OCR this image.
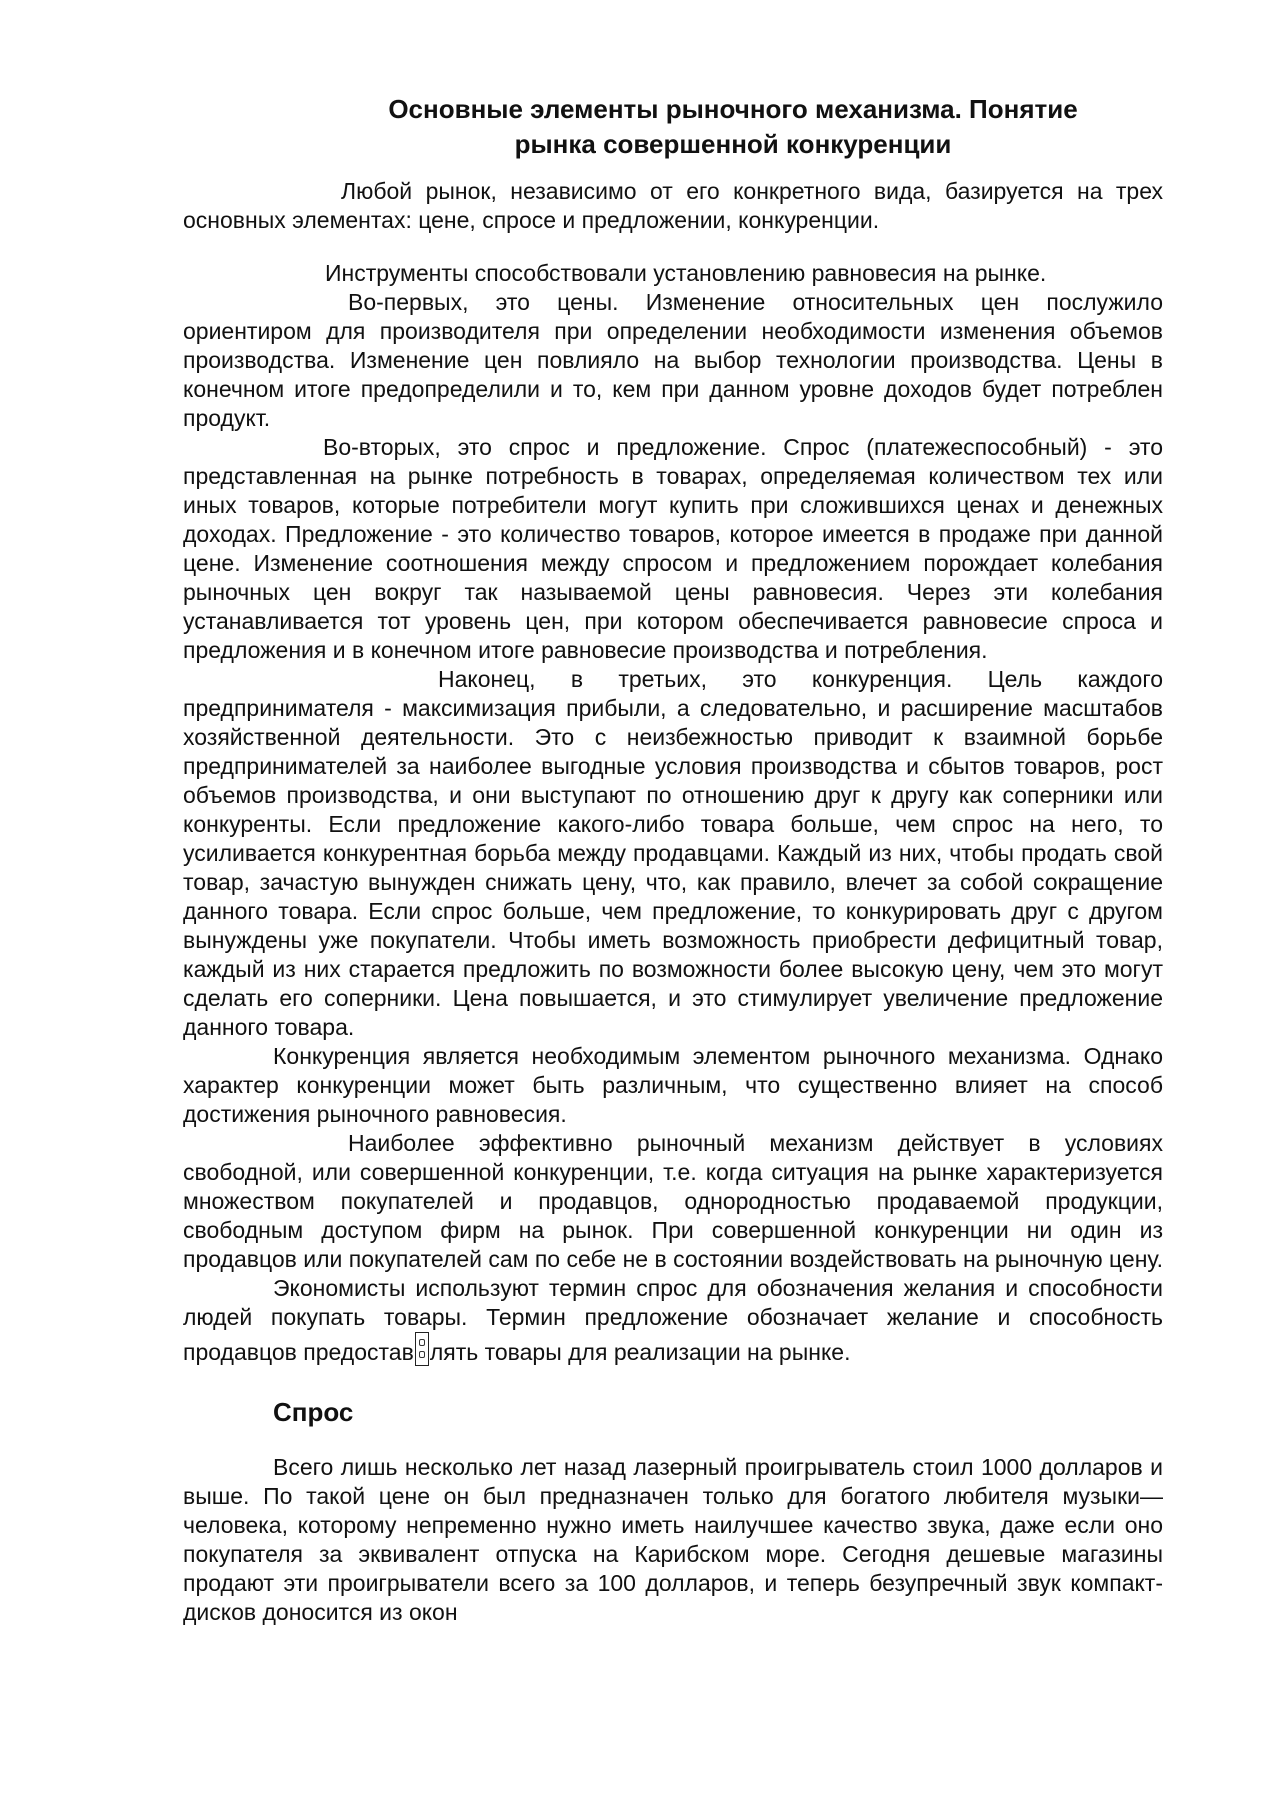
Основные элементы рыночного механизма. Понятие
рынка совершенной конкуренции

Любой рынок, независимо от его конкретного вида, базируется на трех основных элементах: цене, спросе и предложении, конкуренции.

Инструменты способствовали установлению равновесия на рынке.

Во-первых, это цены. Изменение относительных цен послужило ориентиром для производителя при определении необходимости изменения объемов производства. Изменение цен повлияло на выбор технологии производства. Цены в конечном итоге предопределили и то, кем при данном уровне доходов будет потреблен продукт.

Во-вторых, это спрос и предложение. Спрос (платежеспособный) - это представленная на рынке потребность в товарах, определяемая количеством тех или иных товаров, которые потребители могут купить при сложившихся ценах и денежных доходах. Предложение - это количество товаров, которое имеется в продаже при данной цене. Изменение соотношения между спросом и предложением порождает колебания рыночных цен вокруг так называемой цены равновесия. Через эти колебания устанавливается тот уровень цен, при котором обеспечивается равновесие спроса и предложения и в конечном итоге равновесие производства и потребления.

Наконец, в третьих, это конкуренция. Цель каждого предпринимателя - максимизация прибыли, а следовательно, и расширение масштабов хозяйственной деятельности. Это с неизбежностью приводит к взаимной борьбе предпринимателей за наиболее выгодные условия производства и сбытов товаров, рост объемов производства, и они выступают по отношению друг к другу как соперники или конкуренты. Если предложение какого-либо товара больше, чем спрос на него, то усиливается конкурентная борьба между продавцами. Каждый из них, чтобы продать свой товар, зачастую вынужден снижать цену, что, как правило, влечет за собой сокращение данного товара. Если спрос больше, чем предложение, то конкурировать друг с другом вынуждены уже покупатели. Чтобы иметь возможность приобрести дефицитный товар, каждый из них старается предложить по возможности более высокую цену, чем это могут сделать его соперники. Цена повышается, и это стимулирует увеличение предложение данного товара.

Конкуренция является необходимым элементом рыночного механизма. Однако характер конкуренции может быть различным, что существенно влияет на способ достижения рыночного равновесия.

Наиболее эффективно рыночный механизм действует в условиях свободной, или совершенной конкуренции, т.е. когда ситуация на рынке характеризуется множеством покупателей и продавцов, однородностью продаваемой продукции, свободным доступом фирм на рынок. При совершенной конкуренции ни один из продавцов или покупателей сам по себе не в состоянии воздействовать на рыночную цену.

Экономисты используют термин спрос для обозначения желания и способности людей покупать товары. Термин предложение обозначает желание и способность продавцов предостав лять товары для реализации на рынке.

Спрос

Всего лишь несколько лет назад лазерный проигрыватель стоил 1000 долларов и выше. По такой цене он был предназначен только для богатого любителя музыки—человека, которому непременно нужно иметь наилучшее качество звука, даже если оно покупателя за эквивалент отпуска на Карибском море. Сегодня дешевые магазины продают эти проигрыватели всего за 100 долларов, и теперь безупречный звук компакт-дисков доносится из окон
